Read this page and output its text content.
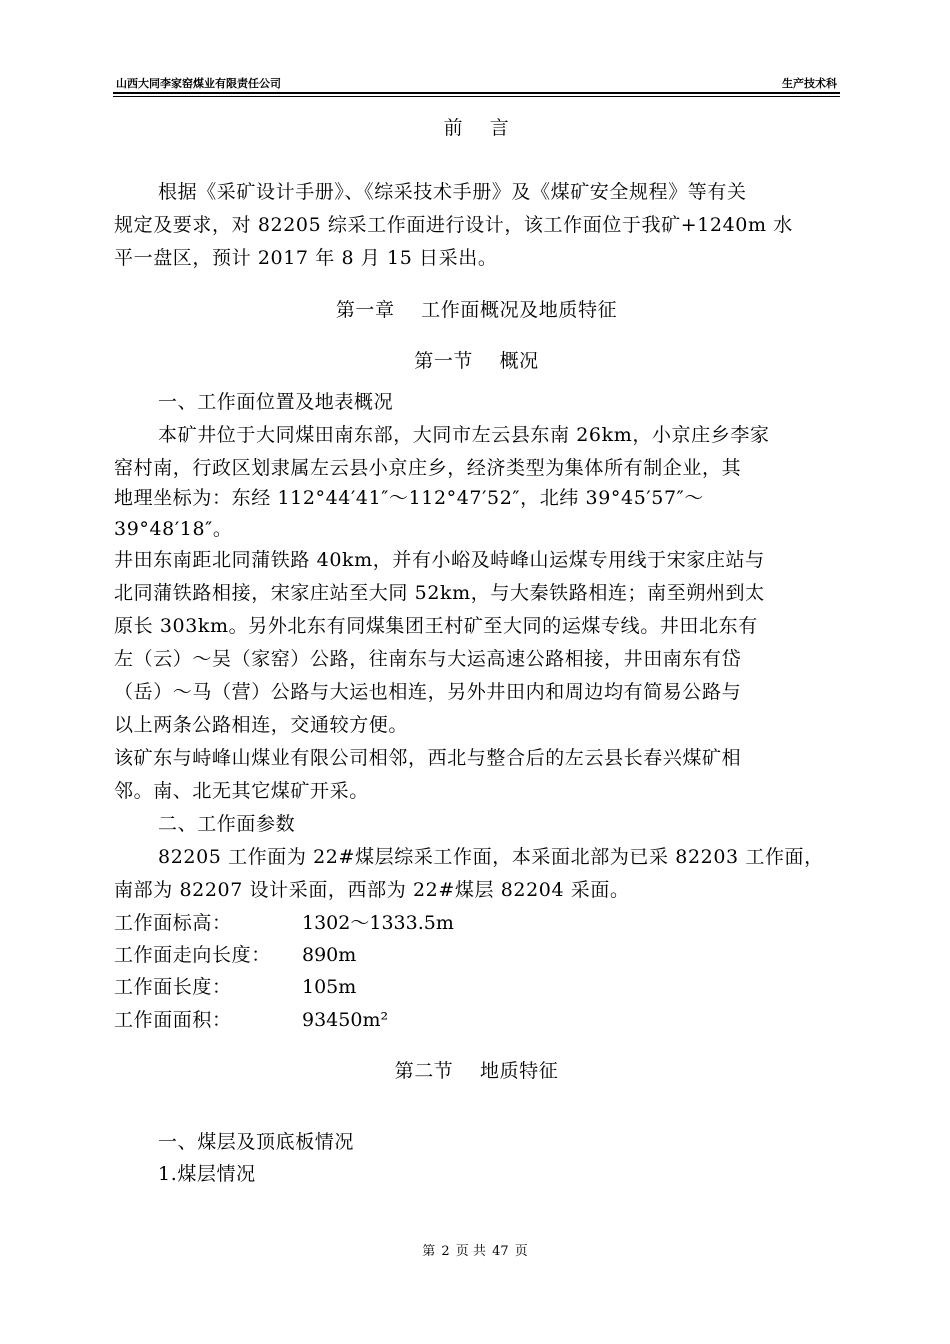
山西大同李家窑煤业有限责任公司	生产技术科
前    言
根据《采矿设计手册》、《综采技术手册》及《煤矿安全规程》等有关
规定及要求，对 82205 综采工作面进行设计，该工作面位于我矿+1240m 水
平一盘区，预计 2017 年 8 月 15 日采出。
第一章    工作面概况及地质特征
第一节    概况
一、工作面位置及地表概况
本矿井位于大同煤田南东部，大同市左云县东南 26km，小京庄乡李家
窑村南，行政区划隶属左云县小京庄乡，经济类型为集体所有制企业，其
地理坐标为：东经 112°44′41″～112°47′52″，北纬 39°45′57″～
39°48′18″。
井田东南距北同蒲铁路 40km，并有小峪及峙峰山运煤专用线于宋家庄站与
北同蒲铁路相接，宋家庄站至大同 52km，与大秦铁路相连；南至朔州到太
原长 303km。另外北东有同煤集团王村矿至大同的运煤专线。井田北东有
左（云）～吴（家窑）公路，往南东与大运高速公路相接，井田南东有岱
（岳）～马（营）公路与大运也相连，另外井田内和周边均有简易公路与
以上两条公路相连，交通较方便。
该矿东与峙峰山煤业有限公司相邻，西北与整合后的左云县长春兴煤矿相
邻。南、北无其它煤矿开采。
二、工作面参数
82205 工作面为 22#煤层综采工作面，本采面北部为已采 82203 工作面，
南部为 82207 设计采面，西部为 22#煤层 82204 采面。
工作面标高：	1302～1333.5m
工作面走向长度： 890m
工作面长度：	105m
工作面面积：	93450m²
第二节    地质特征
一、煤层及顶底板情况
1.煤层情况
第 2 页 共 47 页
